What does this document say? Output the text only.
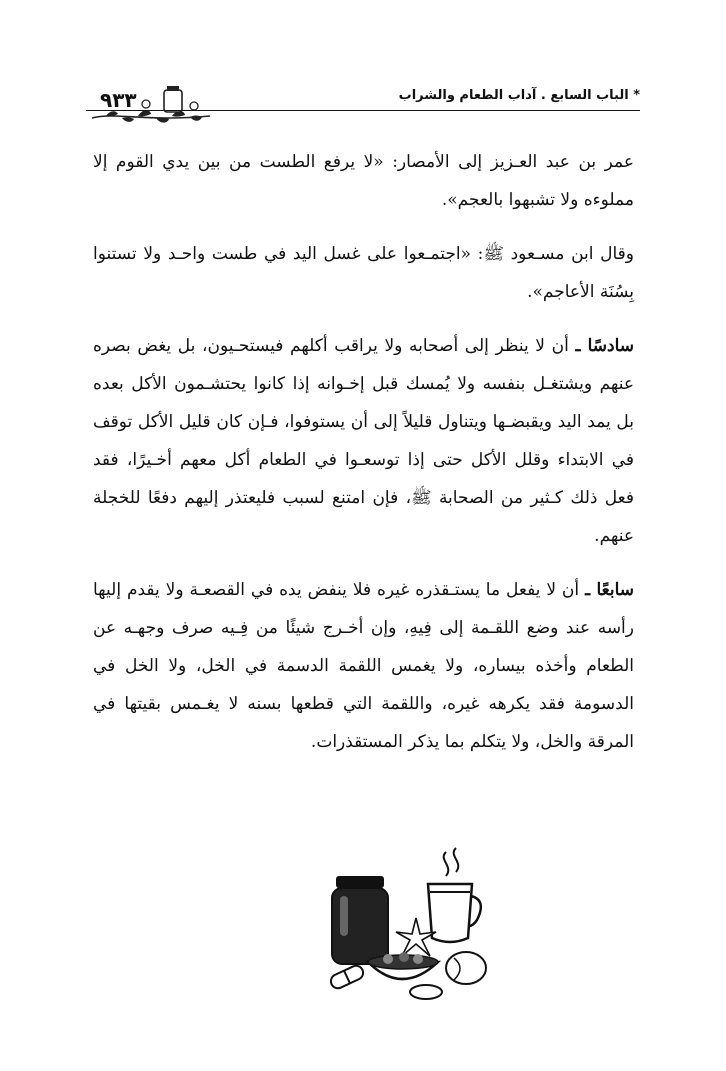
* الباب السابع . آداب الطعام والشراب
٩٣٣

عمر بن عبد العـزيز إلى الأمصار: «لا يرفع الطست من بين يدي القوم إلا مملوءه ولا تشبهوا بالعجم».

وقال ابن مسـعود ﷺ: «اجتمـعوا على غسل اليد في طست واحـد ولا تستنوا بِسُنَة الأعاجم».

سادسًا ـ أن لا ينظر إلى أصحابه ولا يراقب أكلهم فيستحـيون، بل يغض بصره عنهم ويشتغـل بنفسه ولا يُمسك قبل إخـوانه إذا كانوا يحتشـمون الأكل بعده بل يمد اليد ويقبضـها ويتناول قليلاً إلى أن يستوفوا، فـإن كان قليل الأكل توقف في الابتداء وقلل الأكل حتى إذا توسعـوا في الطعام أكل معهم أخـيرًا، فقد فعل ذلك كـثير من الصحابة ﷺ، فإن امتنع لسبب فليعتذر إليهم دفعًا للخجلة عنهم.

سابعًا ـ أن لا يفعل ما يستـقذره غيره فلا ينفض يده في القصعـة ولا يقدم إليها رأسه عند وضع اللقـمة إلى فِيهِ، وإن أخـرج شيئًا من فِـيه صرف وجهـه عن الطعام وأخذه بيساره، ولا يغمس اللقمة الدسمة في الخل، ولا الخل في الدسومة فقد يكرهه غيره، واللقمة التي قطعها بسنه لا يغـمس بقيتها في المرقة والخل، ولا يتكلم بما يذكر المستقذرات.
